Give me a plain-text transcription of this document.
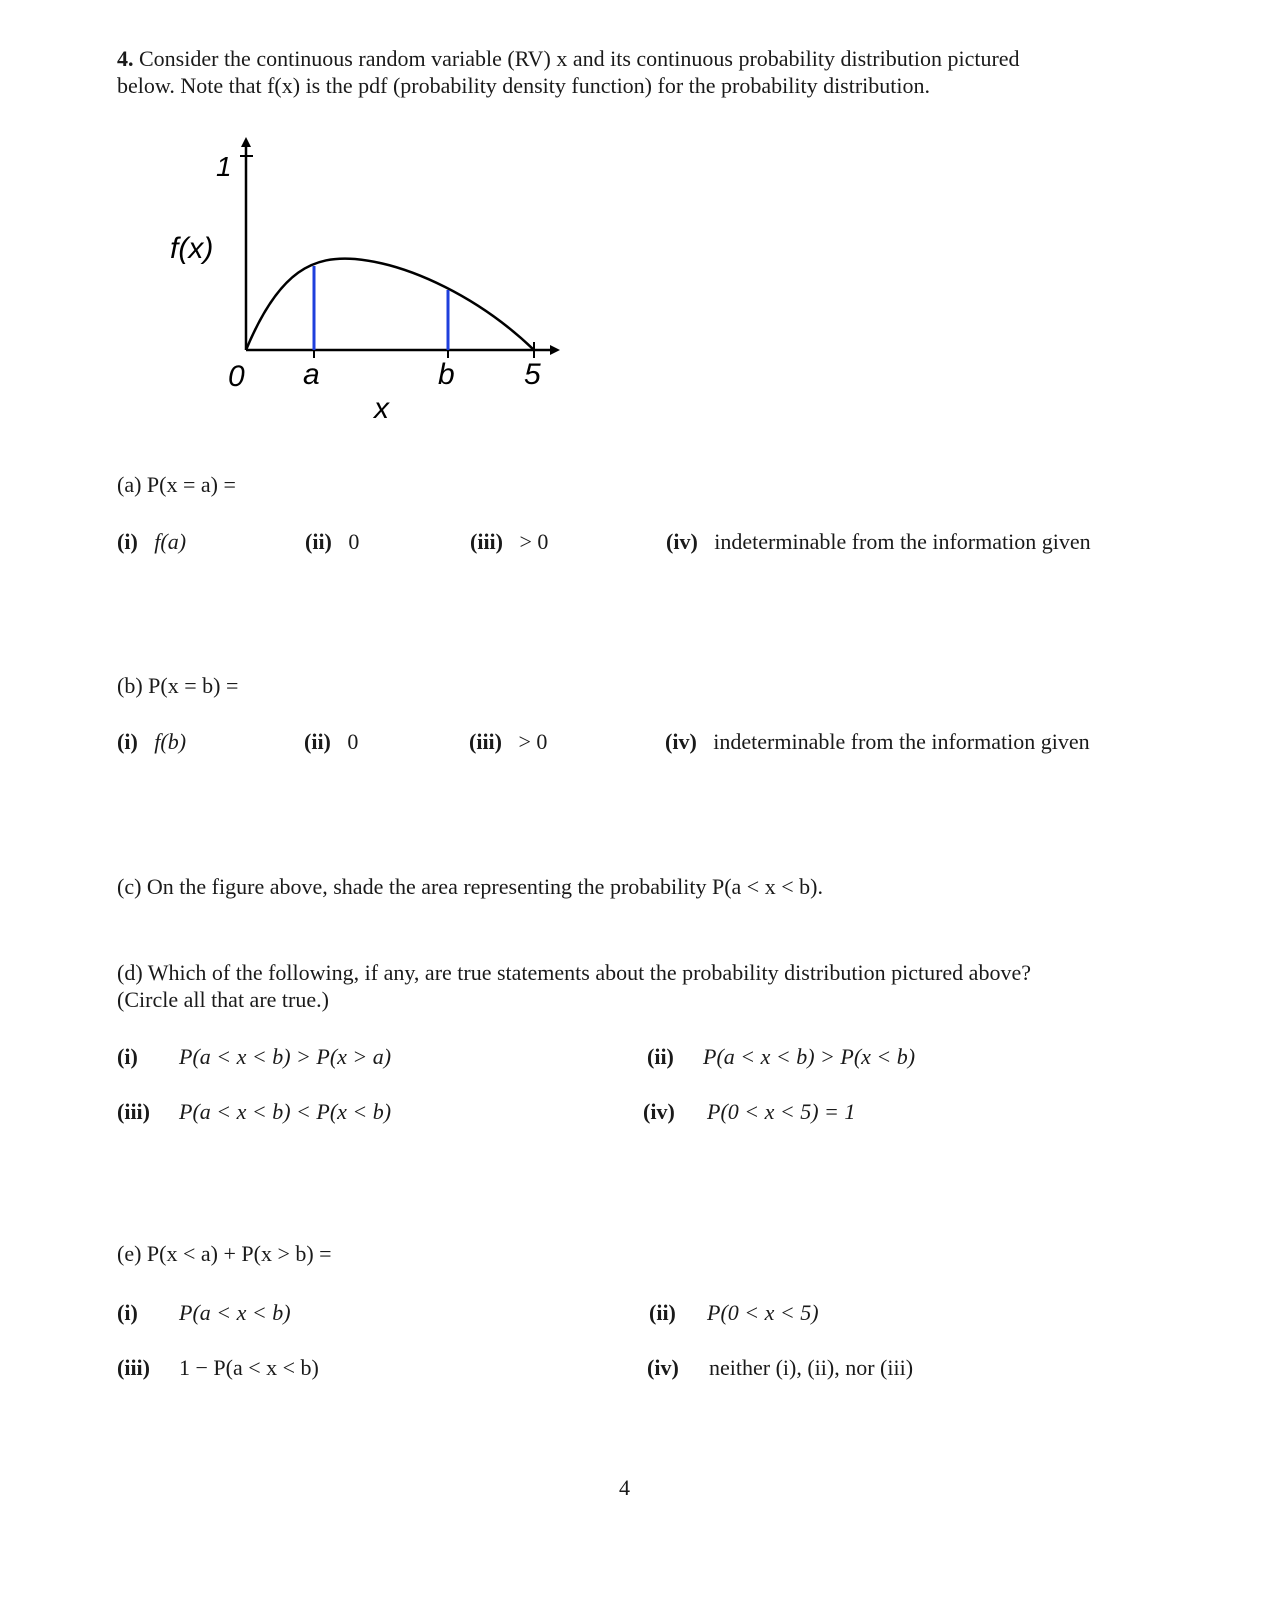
4. Consider the continuous random variable (RV) x and its continuous probability distribution pictured
below. Note that f(x) is the pdf (probability density function) for the probability distribution.
1
f(x)
0 a	b 5
x
(a) P(x = a) =
(i) f(a)	(ii) 0	(iii) > 0	(iv) indeterminable from the information given
(b) P(x = b) =
(i) f(b)	(ii) 0	(iii) > 0	(iv) indeterminable from the information given
(c) On the figure above, shade the area representing the probability P(a < x < b).
(d) Which of the following, if any, are true statements about the probability distribution pictured above?
(Circle all that are true.)
(i) P(a < x < b) > P(x > a)	(ii) P(a < x < b) > P(x < b)
(iii) P(a < x < b) < P(x < b)	(iv) P(0 < x < 5) = 1
(e) P(x < a) + P(x > b) =
(i) P(a < x < b)	(ii) P(0 < x < 5)
(iii) 1 − P(a < x < b)	(iv) neither (i), (ii), nor (iii)
4
